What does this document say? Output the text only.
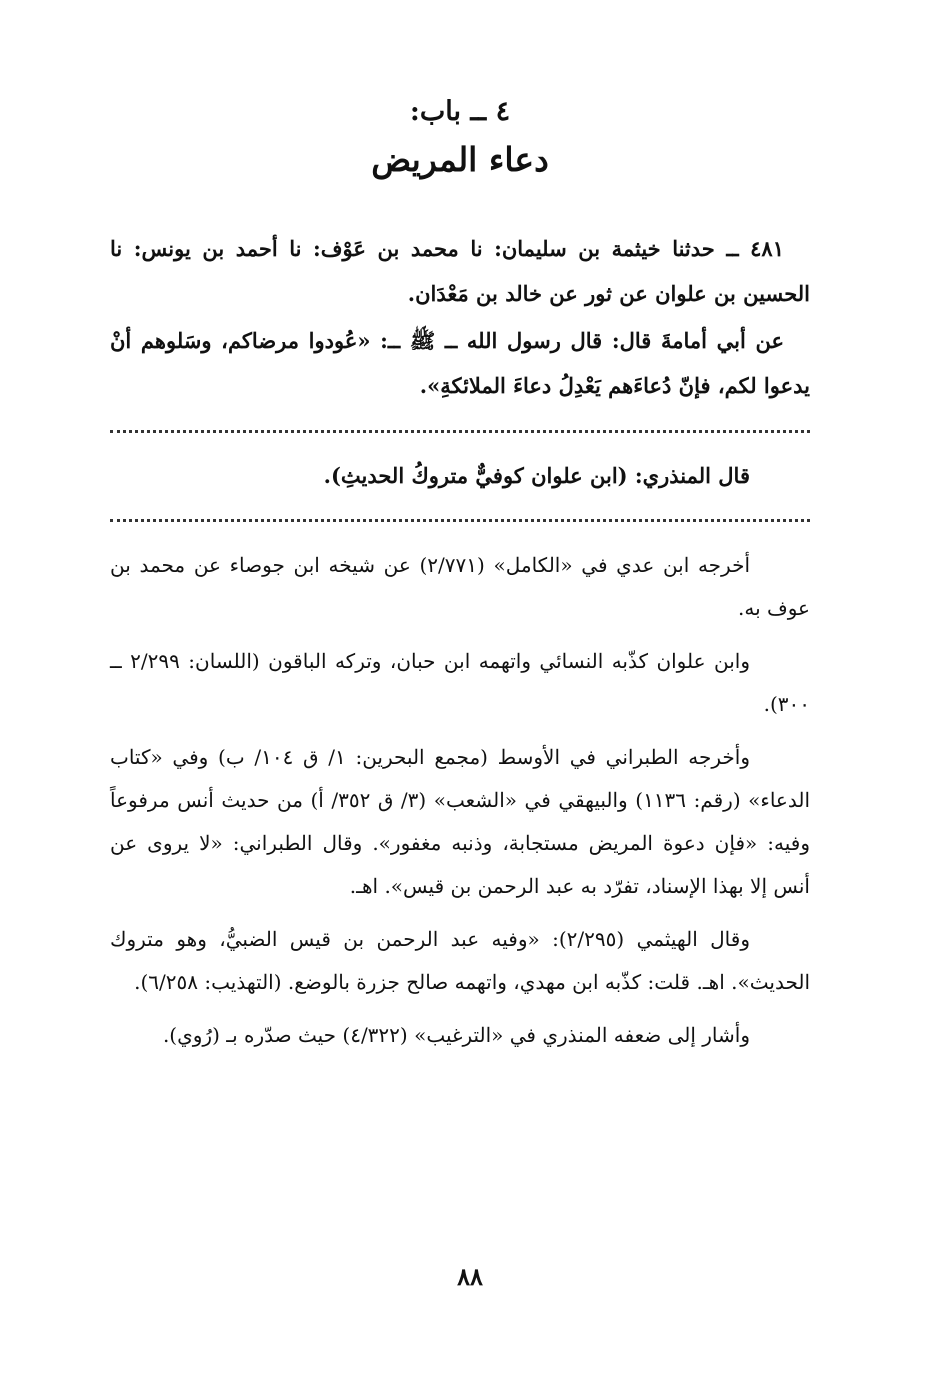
٤ ــ باب:

دعاء المريض

٤٨١ ــ حدثنا خيثمة بن سليمان: نا محمد بن عَوْف: نا أحمد بن يونس: نا الحسين بن علوان عن ثور عن خالد بن مَعْدَان.

عن أبي أمامةَ قال: قال رسول الله ــ ﷺ ــ: «عُودوا مرضاكم، وسَلوهم أنْ يدعوا لكم، فإنّ دُعاءَهم يَعْدِلُ دعاءَ الملائكةِ».

قال المنذري: (ابن علوان كوفيٌّ متروكُ الحديثِ).

أخرجه ابن عدي في «الكامل» (٢/٧٧١) عن شيخه ابن جوصاء عن محمد بن عوف به.

وابن علوان كذّبه النسائي واتهمه ابن حبان، وتركه الباقون (اللسان: ٢/٢٩٩ ــ ٣٠٠).

وأخرجه الطبراني في الأوسط (مجمع البحرين: ١/ ق ١٠٤/ ب) وفي «كتاب الدعاء» (رقم: ١١٣٦) والبيهقي في «الشعب» (٣/ ق ٣٥٢/ أ) من حديث أنس مرفوعاً وفيه: «فإن دعوة المريض مستجابة، وذنبه مغفور». وقال الطبراني: «لا يروى عن أنس إلا بهذا الإسناد، تفرّد به عبد الرحمن بن قيس». اهـ.

وقال الهيثمي (٢/٢٩٥): «وفيه عبد الرحمن بن قيس الضبيُّ، وهو متروك الحديث». اهـ. قلت: كذّبه ابن مهدي، واتهمه صالح جزرة بالوضع. (التهذيب: ٦/٢٥٨).

وأشار إلى ضعفه المنذري في «الترغيب» (٤/٣٢٢) حيث صدّره بـ (رُوي).

٨٨
